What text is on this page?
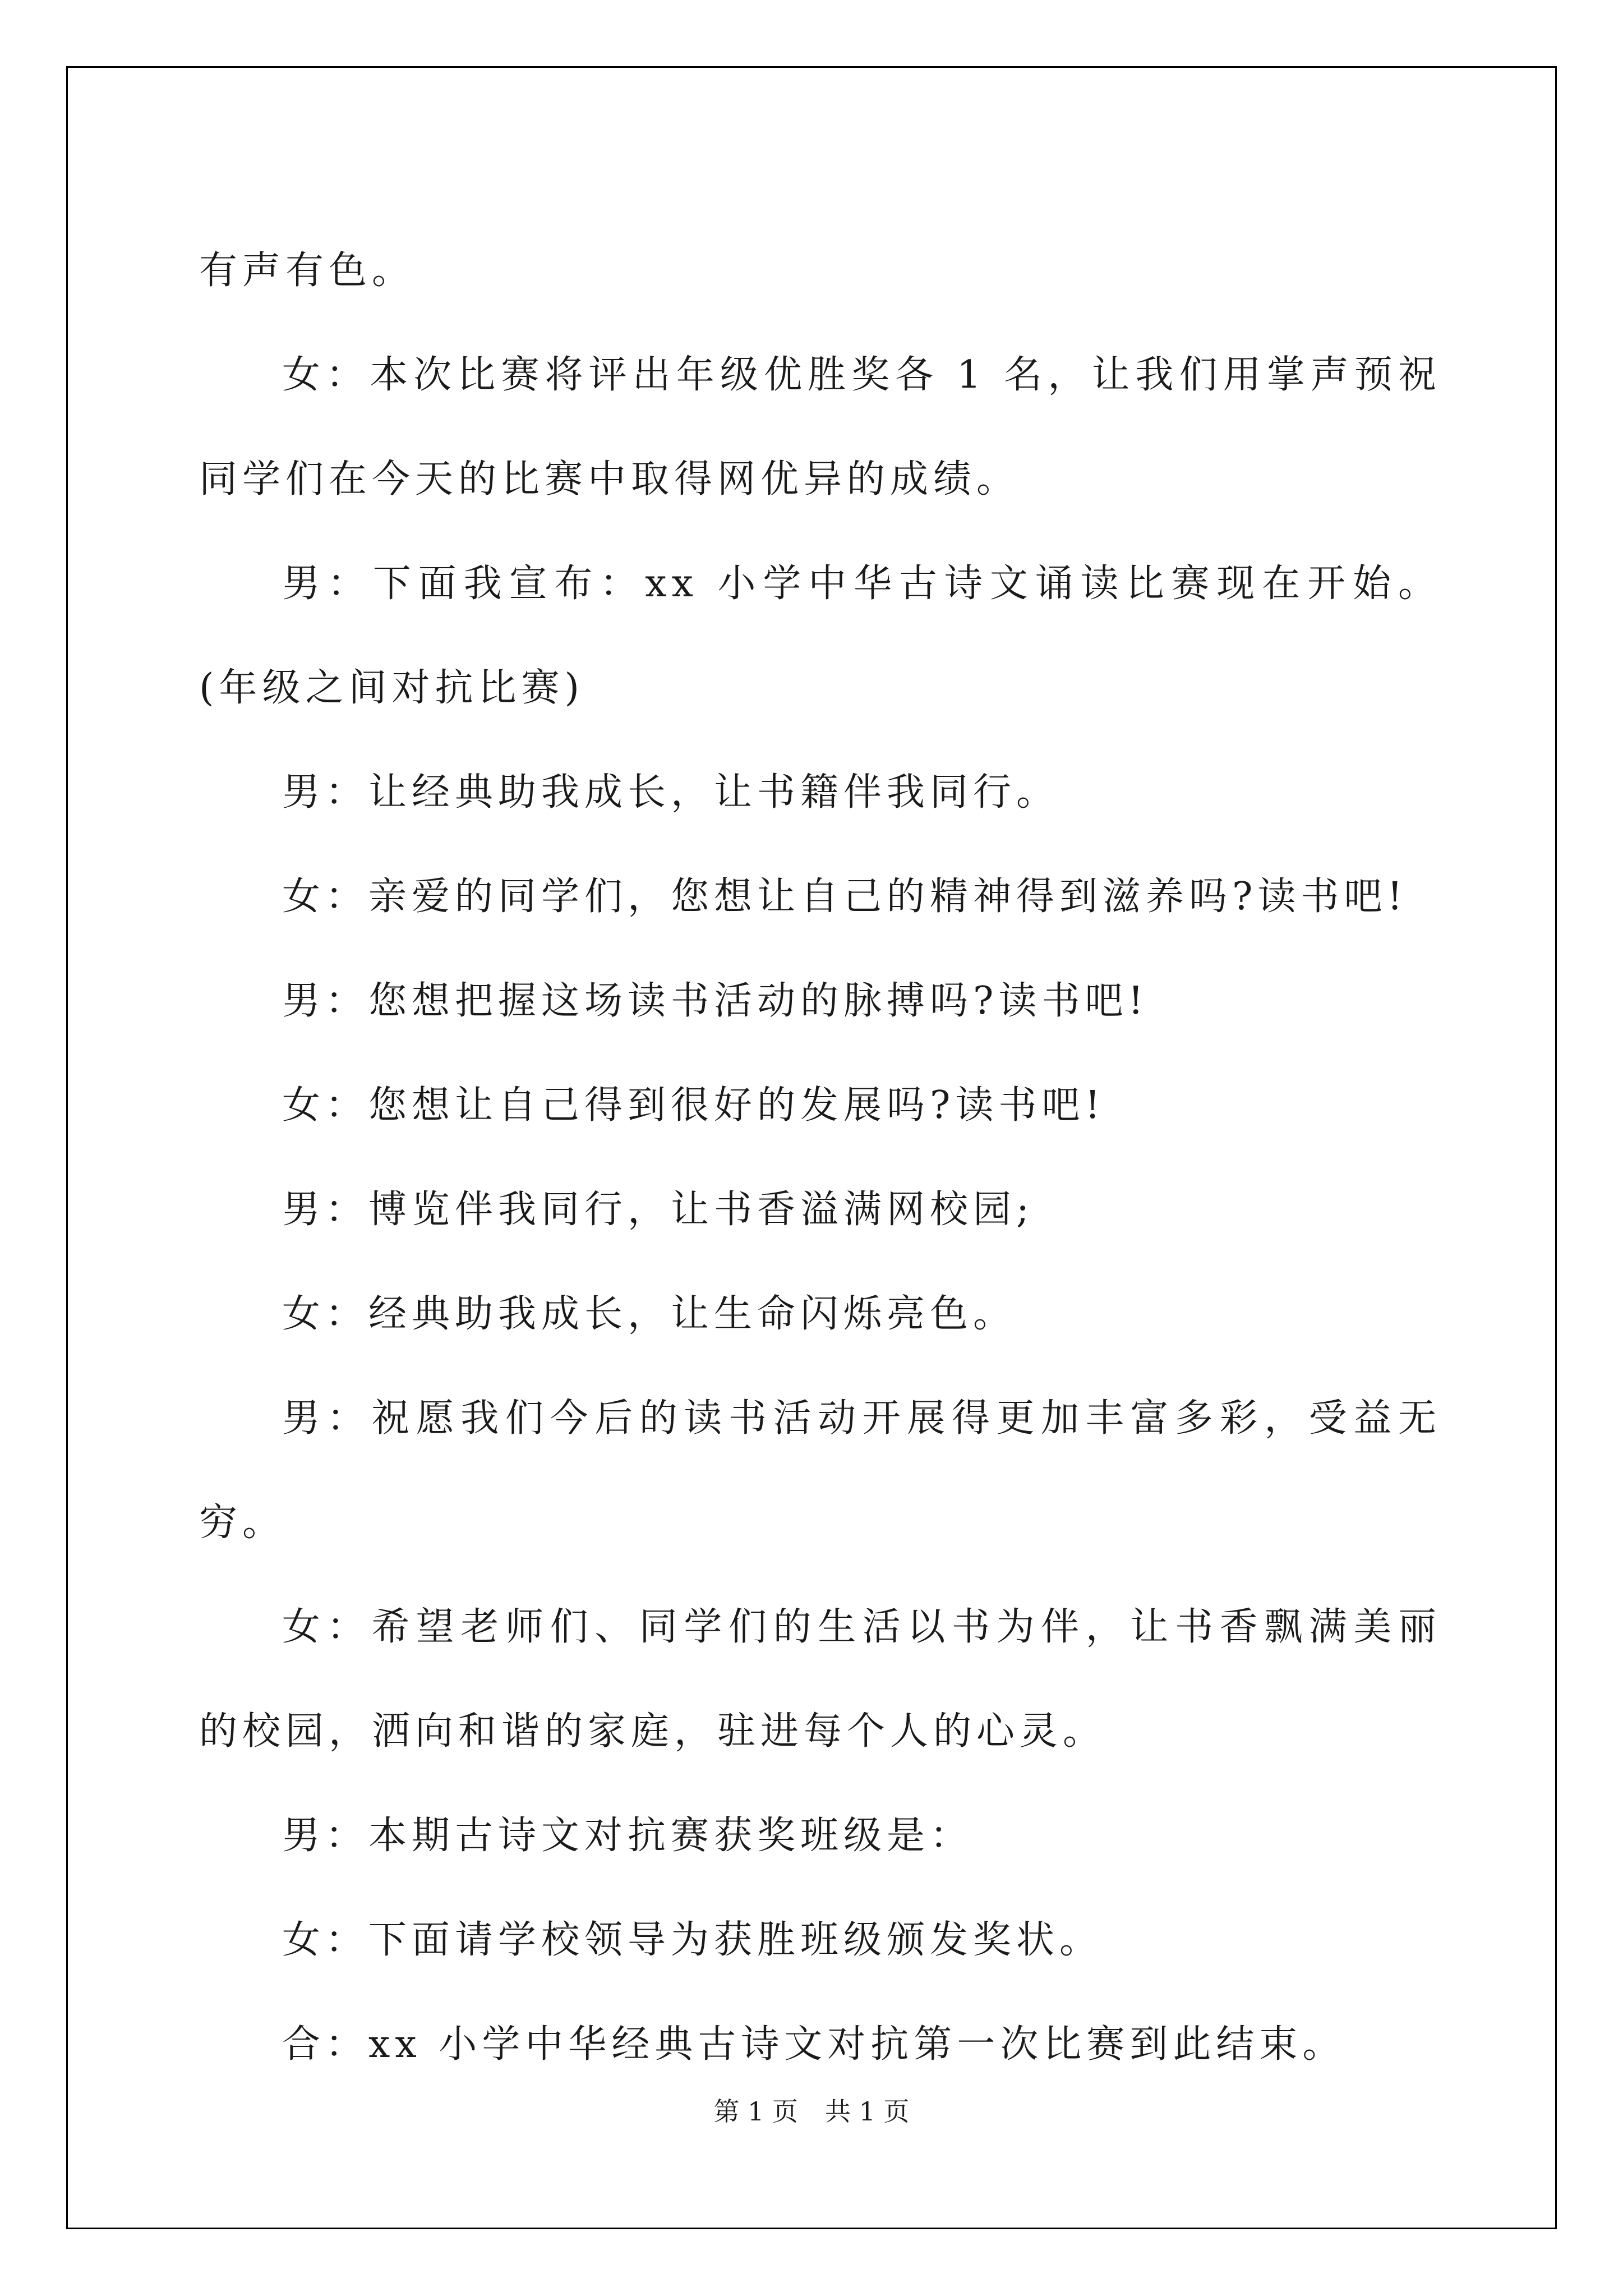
有声有色。

女：本次比赛将评出年级优胜奖各 1 名，让我们用掌声预祝同学们在今天的比赛中取得网优异的成绩。

男：下面我宣布：xx 小学中华古诗文诵读比赛现在开始。(年级之间对抗比赛)

男：让经典助我成长，让书籍伴我同行。

女：亲爱的同学们，您想让自己的精神得到滋养吗?读书吧!

男：您想把握这场读书活动的脉搏吗?读书吧!

女：您想让自己得到很好的发展吗?读书吧!

男：博览伴我同行，让书香溢满网校园;

女：经典助我成长，让生命闪烁亮色。

男：祝愿我们今后的读书活动开展得更加丰富多彩，受益无穷。

女：希望老师们、同学们的生活以书为伴，让书香飘满美丽的校园，洒向和谐的家庭，驻进每个人的心灵。

男：本期古诗文对抗赛获奖班级是：

女：下面请学校领导为获胜班级颁发奖状。

合：xx 小学中华经典古诗文对抗第一次比赛到此结束。

第 1 页 共 1 页
